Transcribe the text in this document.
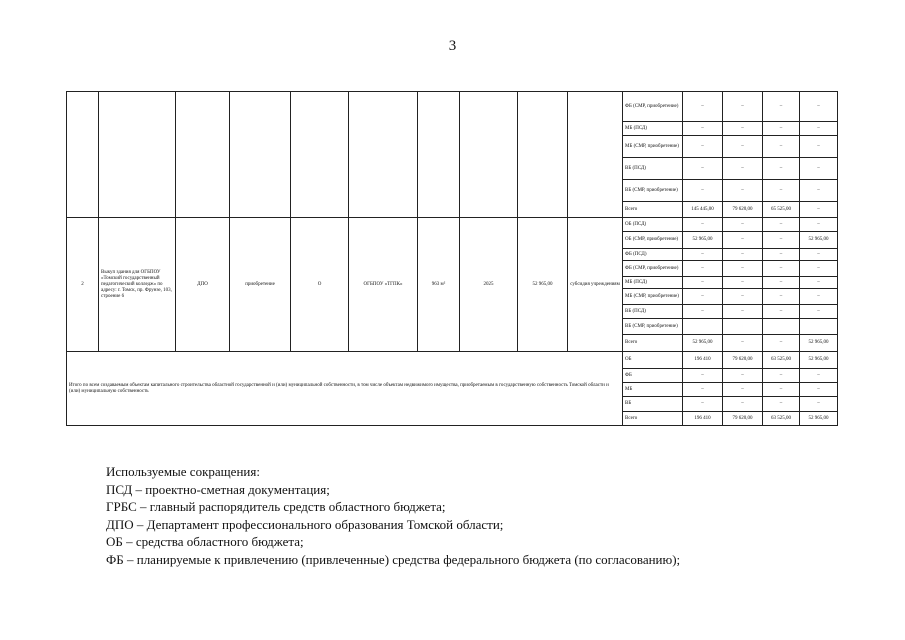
3
										ФБ (СМР, приобретение)	–	–	–	–
										МБ (ПСД)	–	–	–	–
										МБ (СМР, приобретение)	–	–	–	–
										ВБ (ПСД)	–	–	–	–
										ВБ (СМР, приобретение)	–	–	–	–
										Всего	145 445,00	79 620,00	65 525,00	–
2	Выкуп здания для ОГБПОУ «Томский государственный педагогический колледж» по адресу: г. Томск, пр. Фрунзе, 103, строение 6	ДПО	приобретение	О	ОГБПОУ «ТГПК»	963 м²	2025	52 965,00	субсидия учреждениям	ОБ (ПСД)	–	–	–	–
										ОБ (СМР, приобретение)	52 965,00	–	–	52 965,00
										ФБ (ПСД)	–	–	–	–
										ФБ (СМР, приобретение)	–	–	–	–
										МБ (ПСД)	–	–	–	–
										МБ (СМР, приобретение)	–	–	–	–
										ВБ (ПСД)	–	–	–	–
										ВБ (СМР, приобретение)				
										Всего	52 965,00	–	–	52 965,00
Итого по всем создаваемым объектам капитального строительства областной государственной и (или) муниципальной собственности, в том числе объектам недвижимого имущества, приобретаемым в государственную собственность Томской области и (или) муниципальную собственность										ОБ	196 410	79 620,00	63 525,00	52 965,00
										ФБ	–	–	–	–
										МБ	–	–	–	–
										ВБ	–	–	–	–
										Всего	196 410	79 620,00	63 525,00	52 965,00
Используемые сокращения:
ПСД – проектно-сметная документация;
ГРБС – главный распорядитель средств областного бюджета;
ДПО – Департамент профессионального образования Томской области;
ОБ – средства областного бюджета;
ФБ – планируемые к привлечению (привлеченные) средства федерального бюджета (по согласованию);
